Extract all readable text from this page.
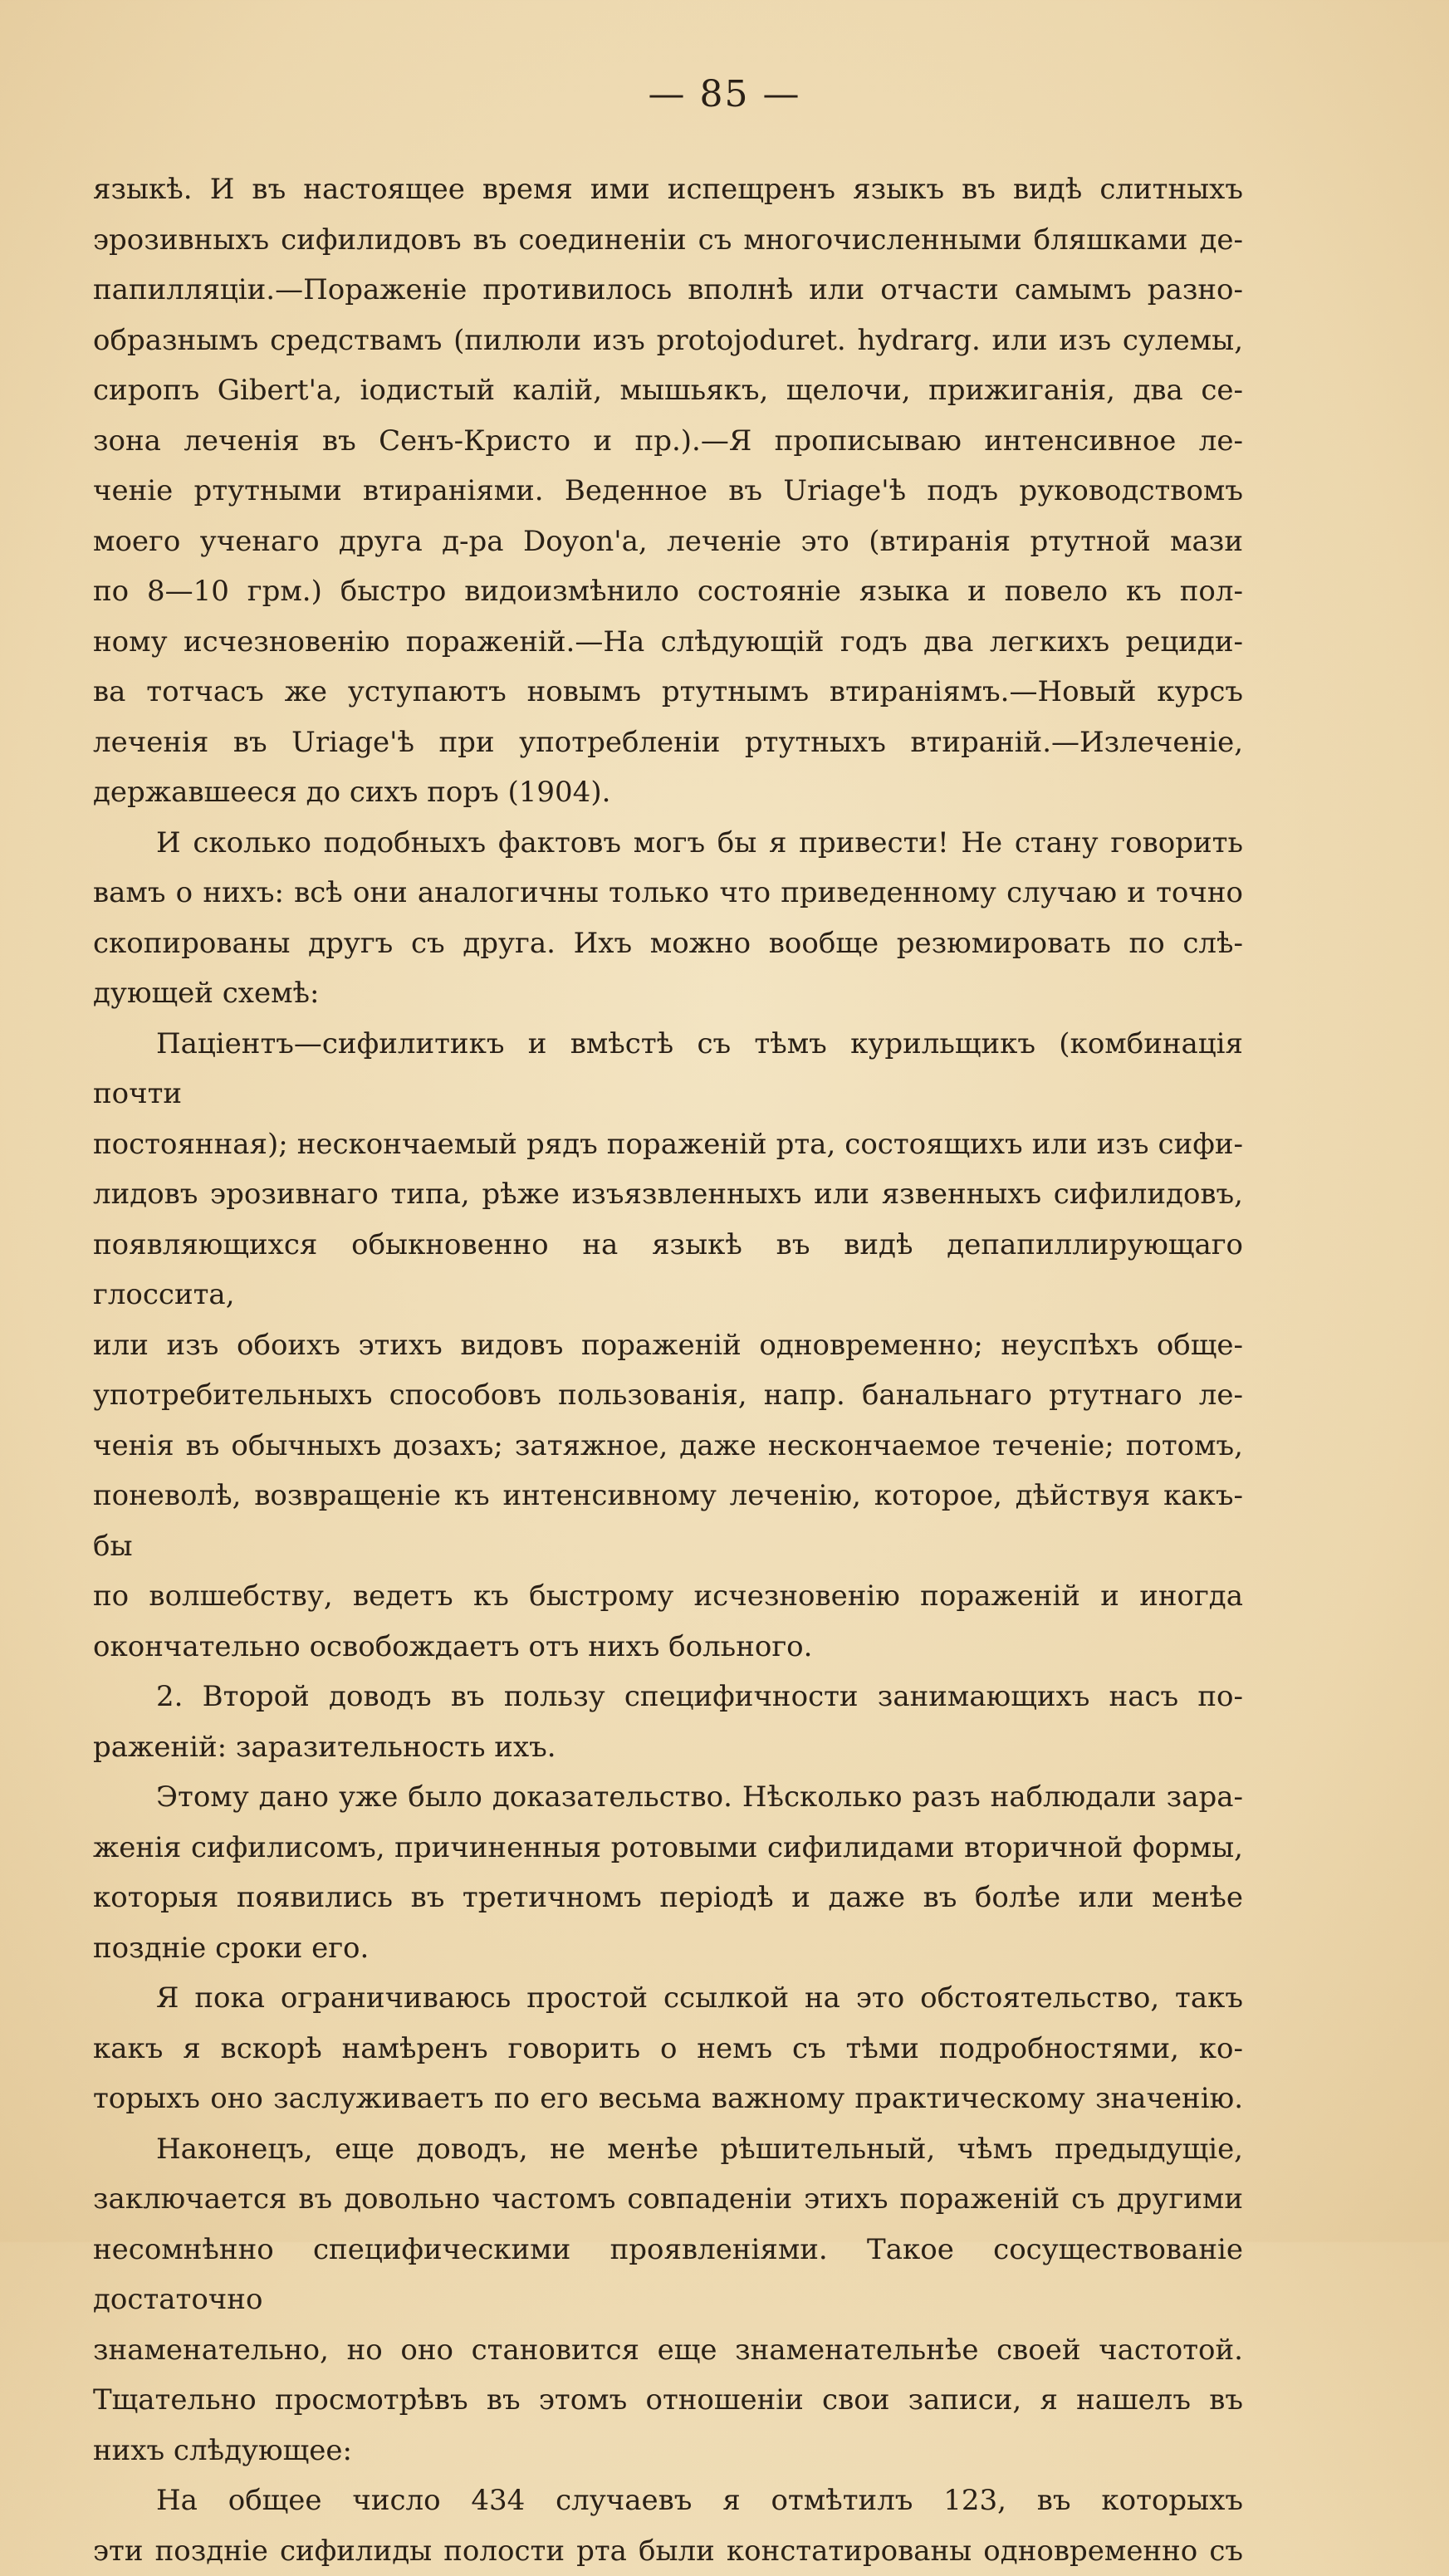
— 85 —

языкѣ. И въ настоящее время ими испещренъ языкъ въ видѣ слитныхъ

эрозивныхъ сифилидовъ въ соединеніи съ многочисленными бляшками де-

папилляціи.—Пораженіе противилось вполнѣ или отчасти самымъ разно-

образнымъ средствамъ (пилюли изъ protojoduret. hydrarg. или изъ сулемы,

сиропъ Gibert'а, іодистый калій, мышьякъ, щелочи, прижиганія, два се-

зона леченія въ Сенъ-Кристо и пр.).—Я прописываю интенсивное ле-

ченіе ртутными втираніями. Веденное въ Uriage'ѣ подъ руководствомъ

моего ученаго друга д-ра Doyon'а, леченіе это (втиранія ртутной мази

по 8—10 грм.) быстро видоизмѣнило состояніе языка и повело къ пол-

ному исчезновенію пораженій.—На слѣдующій годъ два легкихъ рециди-

ва тотчасъ же уступаютъ новымъ ртутнымъ втираніямъ.—Новый курсъ

леченія въ Uriage'ѣ при употребленіи ртутныхъ втираній.—Излеченіе,

державшееся до сихъ поръ (1904).

И сколько подобныхъ фактовъ могъ бы я привести! Не стану говорить

вамъ о нихъ: всѣ они аналогичны только что приведенному случаю и точно

скопированы другъ съ друга. Ихъ можно вообще резюмировать по слѣ-

дующей схемѣ:

Паціентъ—сифилитикъ и вмѣстѣ съ тѣмъ курильщикъ (комбинація почти

постоянная); нескончаемый рядъ пораженій рта, состоящихъ или изъ сифи-

лидовъ эрозивнаго типа, рѣже изъязвленныхъ или язвенныхъ сифилидовъ,

появляющихся обыкновенно на языкѣ въ видѣ депапиллирующаго глоссита,

или изъ обоихъ этихъ видовъ пораженій одновременно; неуспѣхъ обще-

употребительныхъ способовъ пользованія, напр. банальнаго ртутнаго ле-

ченія въ обычныхъ дозахъ; затяжное, даже нескончаемое теченіе; потомъ,

поневолѣ, возвращеніе къ интенсивному леченію, которое, дѣйствуя какъ-бы

по волшебству, ведетъ къ быстрому исчезновенію пораженій и иногда

окончательно освобождаетъ отъ нихъ больного.

2. Второй доводъ въ пользу специфичности занимающихъ насъ по-

раженій: заразительность ихъ.

Этому дано уже было доказательство. Нѣсколько разъ наблюдали зара-

женія сифилисомъ, причиненныя ротовыми сифилидами вторичной формы,

которыя появились въ третичномъ періодѣ и даже въ болѣе или менѣе

поздніе сроки его.

Я пока ограничиваюсь простой ссылкой на это обстоятельство, такъ

какъ я вскорѣ намѣренъ говорить о немъ съ тѣми подробностями, ко-

торыхъ оно заслуживаетъ по его весьма важному практическому значенію.

Наконецъ, еще доводъ, не менѣе рѣшительный, чѣмъ предыдущіе,

заключается въ довольно частомъ совпаденіи этихъ пораженій съ другими

несомнѣнно специфическими проявленіями. Такое сосуществованіе достаточно

знаменательно, но оно становится еще знаменательнѣе своей частотой.

Тщательно просмотрѣвъ въ этомъ отношеніи свои записи, я нашелъ въ

нихъ слѣдующее:

На общее число 434 случаевъ я отмѣтилъ 123, въ которыхъ

эти поздніе сифилиды полости рта были констатированы одновременно съ
